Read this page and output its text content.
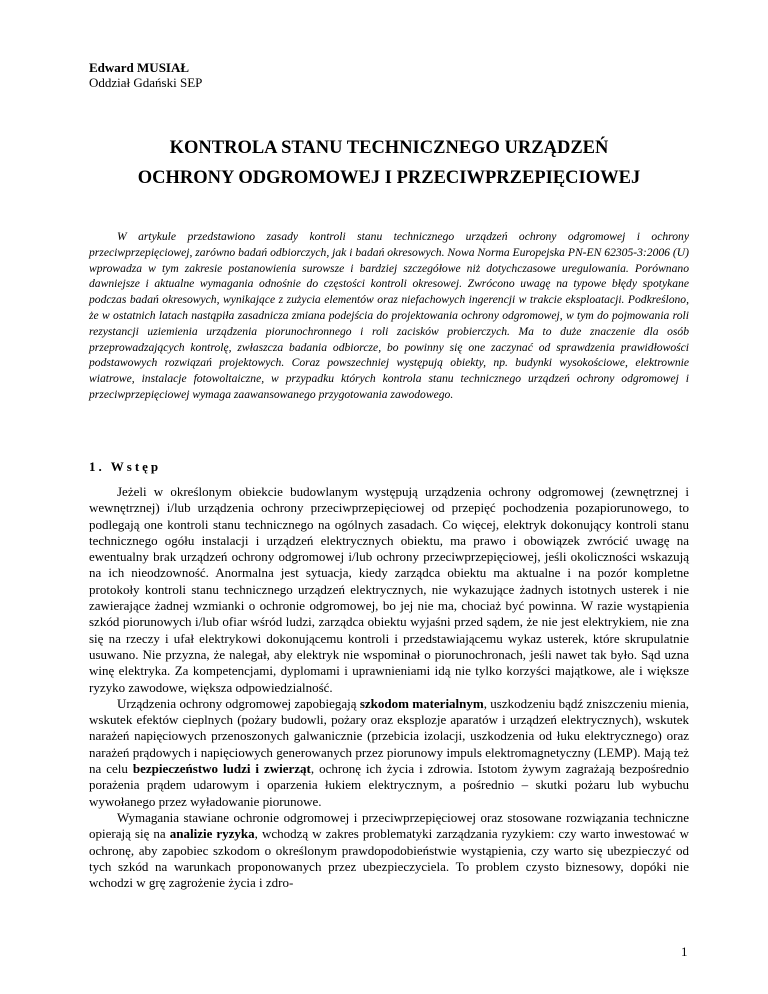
Edward MUSIAŁ
Oddział Gdański SEP
KONTROLA STANU TECHNICZNEGO URZĄDZEŃ
OCHRONY ODGROMOWEJ I PRZECIWPRZEPIĘCIOWEJ

W artykule przedstawiono zasady kontroli stanu technicznego urządzeń ochrony odgromowej i ochrony przeciwprzepięciowej, zarówno badań odbiorczych, jak i badań okresowych. Nowa Norma Europejska PN-EN 62305-3:2006 (U) wprowadza w tym zakresie postanowienia surowsze i bardziej szczegółowe niż dotychczasowe uregulowania. Porównano dawniejsze i aktualne wymagania odnośnie do częstości kontroli okresowej. Zwrócono uwagę na typowe błędy spotykane podczas badań okresowych, wynikające z zużycia elementów oraz niefachowych ingerencji w trakcie eksploatacji. Podkreślono, że w ostatnich latach nastąpiła zasadnicza zmiana podejścia do projektowania ochrony odgromowej, w tym do pojmowania roli rezystancji uziemienia urządzenia piorunochronnego i roli zacisków probierczych. Ma to duże znaczenie dla osób przeprowadzających kontrolę, zwłaszcza badania odbiorcze, bo powinny się one zaczynać od sprawdzenia prawidłowości podstawowych rozwiązań projektowych. Coraz powszechniej występują obiekty, np. budynki wysokościowe, elektrownie wiatrowe, instalacje fotowoltaiczne, w przypadku których kontrola stanu technicznego urządzeń ochrony odgromowej i przeciwprzepięciowej wymaga zaawansowanego przygotowania zawodowego.

1. Wstęp

Jeżeli w określonym obiekcie budowlanym występują urządzenia ochrony odgromowej (zewnętrznej i wewnętrznej) i/lub urządzenia ochrony przeciwprzepięciowej od przepięć pochodzenia pozapiorunowego, to podlegają one kontroli stanu technicznego na ogólnych zasadach. Co więcej, elektryk dokonujący kontroli stanu technicznego ogółu instalacji i urządzeń elektrycznych obiektu, ma prawo i obowiązek zwrócić uwagę na ewentualny brak urządzeń ochrony odgromowej i/lub ochrony przeciwprzepięciowej, jeśli okoliczności wskazują na ich nieodzowność. Anormalna jest sytuacja, kiedy zarządca obiektu ma aktualne i na pozór kompletne protokoły kontroli stanu technicznego urządzeń elektrycznych, nie wykazujące żadnych istotnych usterek i nie zawierające żadnej wzmianki o ochronie odgromowej, bo jej nie ma, chociaż być powinna. W razie wystąpienia szkód piorunowych i/lub ofiar wśród ludzi, zarządca obiektu wyjaśni przed sądem, że nie jest elektrykiem, nie zna się na rzeczy i ufał elektrykowi dokonującemu kontroli i przedstawiającemu wykaz usterek, które skrupulatnie usuwano. Nie przyzna, że nalegał, aby elektryk nie wspominał o piorunochronach, jeśli nawet tak było. Sąd uzna winę elektryka. Za kompetencjami, dyplomami i uprawnieniami idą nie tylko korzyści majątkowe, ale i większe ryzyko zawodowe, większa odpowiedzialność.

Urządzenia ochrony odgromowej zapobiegają szkodom materialnym, uszkodzeniu bądź zniszczeniu mienia, wskutek efektów cieplnych (pożary budowli, pożary oraz eksplozje aparatów i urządzeń elektrycznych), wskutek narażeń napięciowych przenoszonych galwanicznie (przebicia izolacji, uszkodzenia od łuku elektrycznego) oraz narażeń prądowych i napięciowych generowanych przez piorunowy impuls elektromagnetyczny (LEMP). Mają też na celu bezpieczeństwo ludzi i zwierząt, ochronę ich życia i zdrowia. Istotom żywym zagrażają bezpośrednio porażenia prądem udarowym i oparzenia łukiem elektrycznym, a pośrednio – skutki pożaru lub wybuchu wywołanego przez wyładowanie piorunowe.

Wymagania stawiane ochronie odgromowej i przeciwprzepięciowej oraz stosowane rozwiązania techniczne opierają się na analizie ryzyka, wchodzą w zakres problematyki zarządzania ryzykiem: czy warto inwestować w ochronę, aby zapobiec szkodom o określonym prawdopodobieństwie wystąpienia, czy warto się ubezpieczyć od tych szkód na warunkach proponowanych przez ubezpieczyciela. To problem czysto biznesowy, dopóki nie wchodzi w grę zagrożenie życia i zdro-

1
